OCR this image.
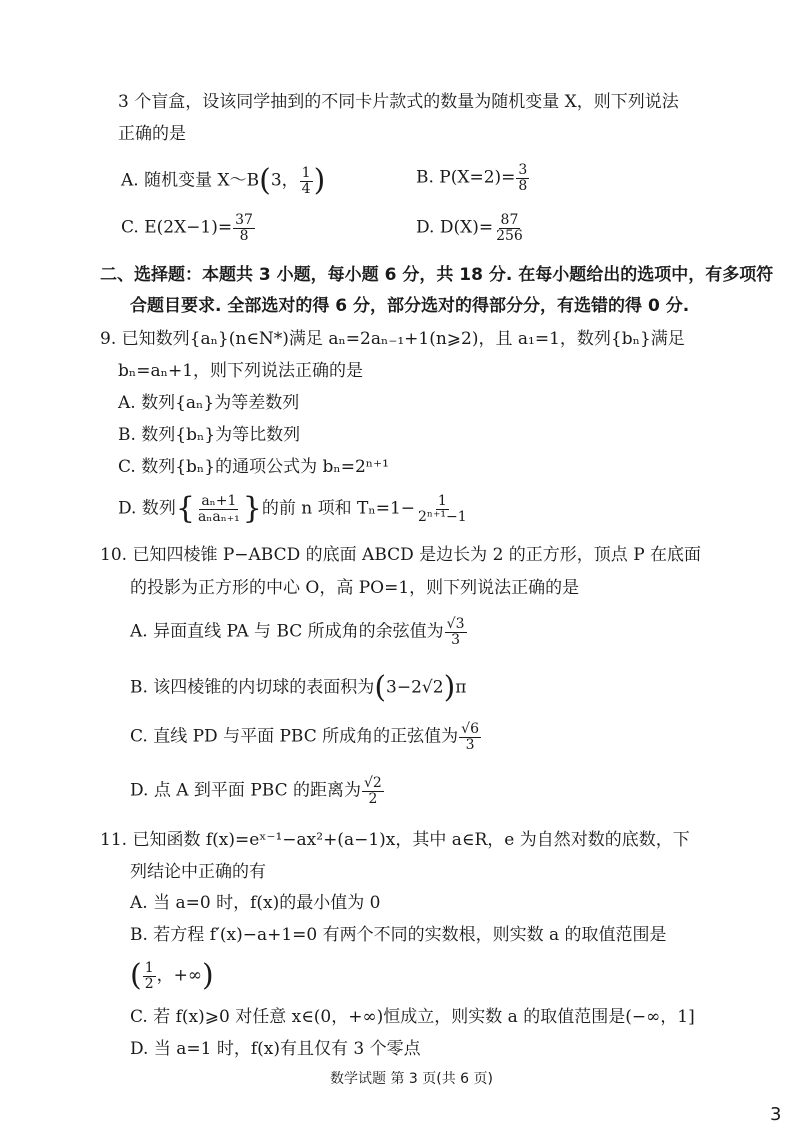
3 个盲盒，设该同学抽到的不同卡片款式的数量为随机变量 X，则下列说法
正确的是
A. 随机变量 X～B(3， $\frac{1}{4}$ )	B. $P(X=2)= \frac{3}{8}$
C. $E(2X-1)= \frac{37}{8}$	D. $D(X)= \frac{87}{256}$
二、选择题：本题共 3 小题，每小题 6 分，共 18 分. 在每小题给出的选项中，有多项符
合题目要求. 全部选对的得 6 分，部分选对的得部分分，有选错的得 0 分.
9. 已知数列{aₙ}(n∈N*)满足 aₙ=2aₙ₋₁+1(n⩾2)，且 a₁=1，数列{bₙ}满足
bₙ=aₙ+1，则下列说法正确的是
A. 数列{aₙ}为等差数列
B. 数列{bₙ}为等比数列
C. 数列{bₙ}的通项公式为 bₙ=2ⁿ⁺¹
D. 数列{ $\frac{\text{aₙ+1}}{\text{aₙaₙ₊₁}}$ }的前 n 项和 $T_n=1- \frac{1}{\text{2ⁿ⁺¹−1}}$
10. 已知四棱锥 P−ABCD 的底面 ABCD 是边长为 2 的正方形，顶点 P 在底面
的投影为正方形的中心 O，高 PO=1，则下列说法正确的是
A. 异面直线 PA 与 BC 所成角的余弦值为 $\frac{√3}{3}$
B. 该四棱锥的内切球的表面积为(3−2√2)π
C. 直线 PD 与平面 PBC 所成角的正弦值为 $\frac{√6}{3}$
D. 点 A 到平面 PBC 的距离为 $\frac{√2}{2}$
11. 已知函数 f(x)=eˣ⁻¹−ax²+(a−1)x，其中 a∈R，e 为自然对数的底数，下
列结论中正确的有
A. 当 a=0 时，f(x)的最小值为 0
B. 若方程 f′(x)−a+1=0 有两个不同的实数根，则实数 a 的取值范围是
( $\frac{1}{2}$ ，+∞)
C. 若 f(x)⩾0 对任意 x∈(0，+∞)恒成立，则实数 a 的取值范围是(−∞，1]
D. 当 a=1 时，f(x)有且仅有 3 个零点
数学试题 第 3 页(共 6 页)
3
